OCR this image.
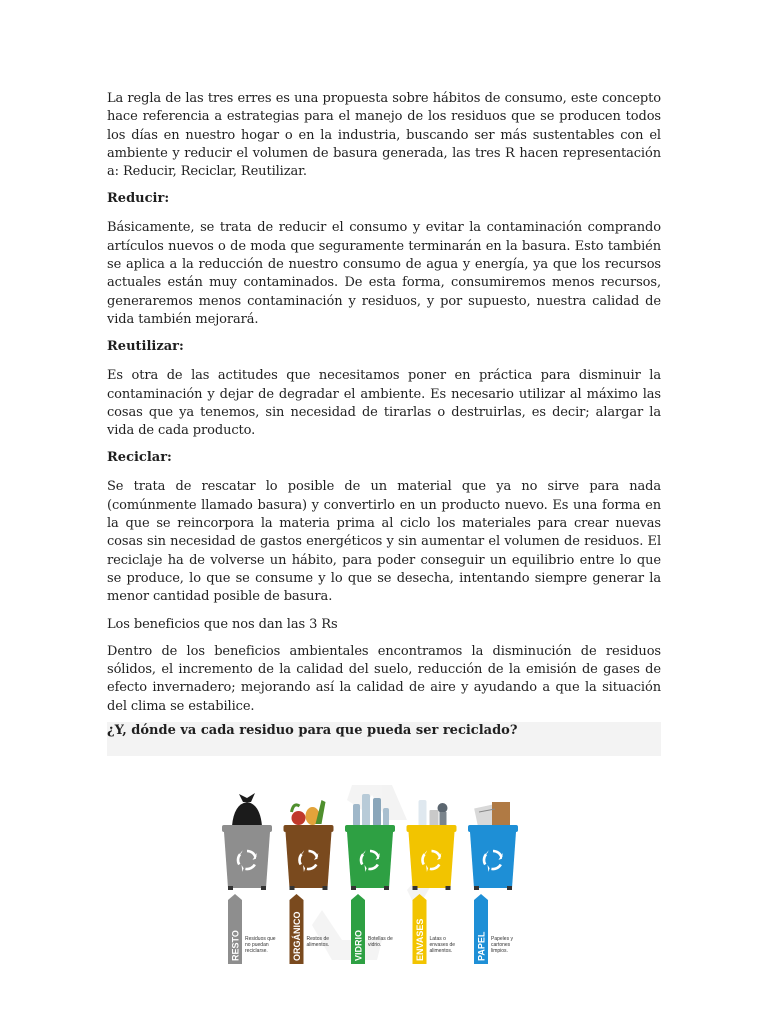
La regla de las tres erres es una propuesta sobre hábitos de consumo, este concepto hace referencia a estrategias para el manejo de los residuos que se producen todos los días en nuestro hogar o en la industria, buscando ser más sustentables con el ambiente y reducir el volumen de basura generada, las tres R hacen representación a: Reducir, Reciclar, Reutilizar.

Reducir:

Básicamente, se trata de reducir el consumo y evitar la contaminación comprando artículos nuevos o de moda que seguramente terminarán en la basura. Esto también se aplica a la reducción de nuestro consumo de agua y energía, ya que los recursos actuales están muy contaminados. De esta forma, consumiremos menos recursos, generaremos menos contaminación y residuos, y por supuesto, nuestra calidad de vida también mejorará.

Reutilizar:

Es otra de las actitudes que necesitamos poner en práctica para disminuir la contaminación y dejar de degradar el ambiente. Es necesario utilizar al máximo las cosas que ya tenemos, sin necesidad de tirarlas o destruirlas, es decir; alargar la vida de cada producto.

Reciclar:

Se trata de rescatar lo posible de un material que ya no sirve para nada (comúnmente llamado basura) y convertirlo en un producto nuevo. Es una forma en la que se reincorpora la materia prima al ciclo los materiales para crear nuevas cosas sin necesidad de gastos energéticos y sin aumentar el volumen de residuos. El reciclaje ha de volverse un hábito, para poder conseguir un equilibrio entre lo que se produce, lo que se consume y lo que se desecha, intentando siempre generar la menor cantidad posible de basura.

Los beneficios que nos dan las 3 Rs

Dentro de los beneficios ambientales encontramos la disminución de residuos sólidos, el incremento de la calidad del suelo, reducción de la emisión de gases de efecto invernadero; mejorando así la calidad de aire y ayudando a que la situación del clima se estabilice.

¿Y, dónde va cada residuo para que pueda ser reciclado?
RESTO Residuos que
no puedan
reciclarse.	ORGÁNICO Restos de
alimentos.	VIDRIO Botellas de
vidrio.	ENVASES Latas o
envases de
alimentos.	PAPEL Papeles y
cartones
limpios.
